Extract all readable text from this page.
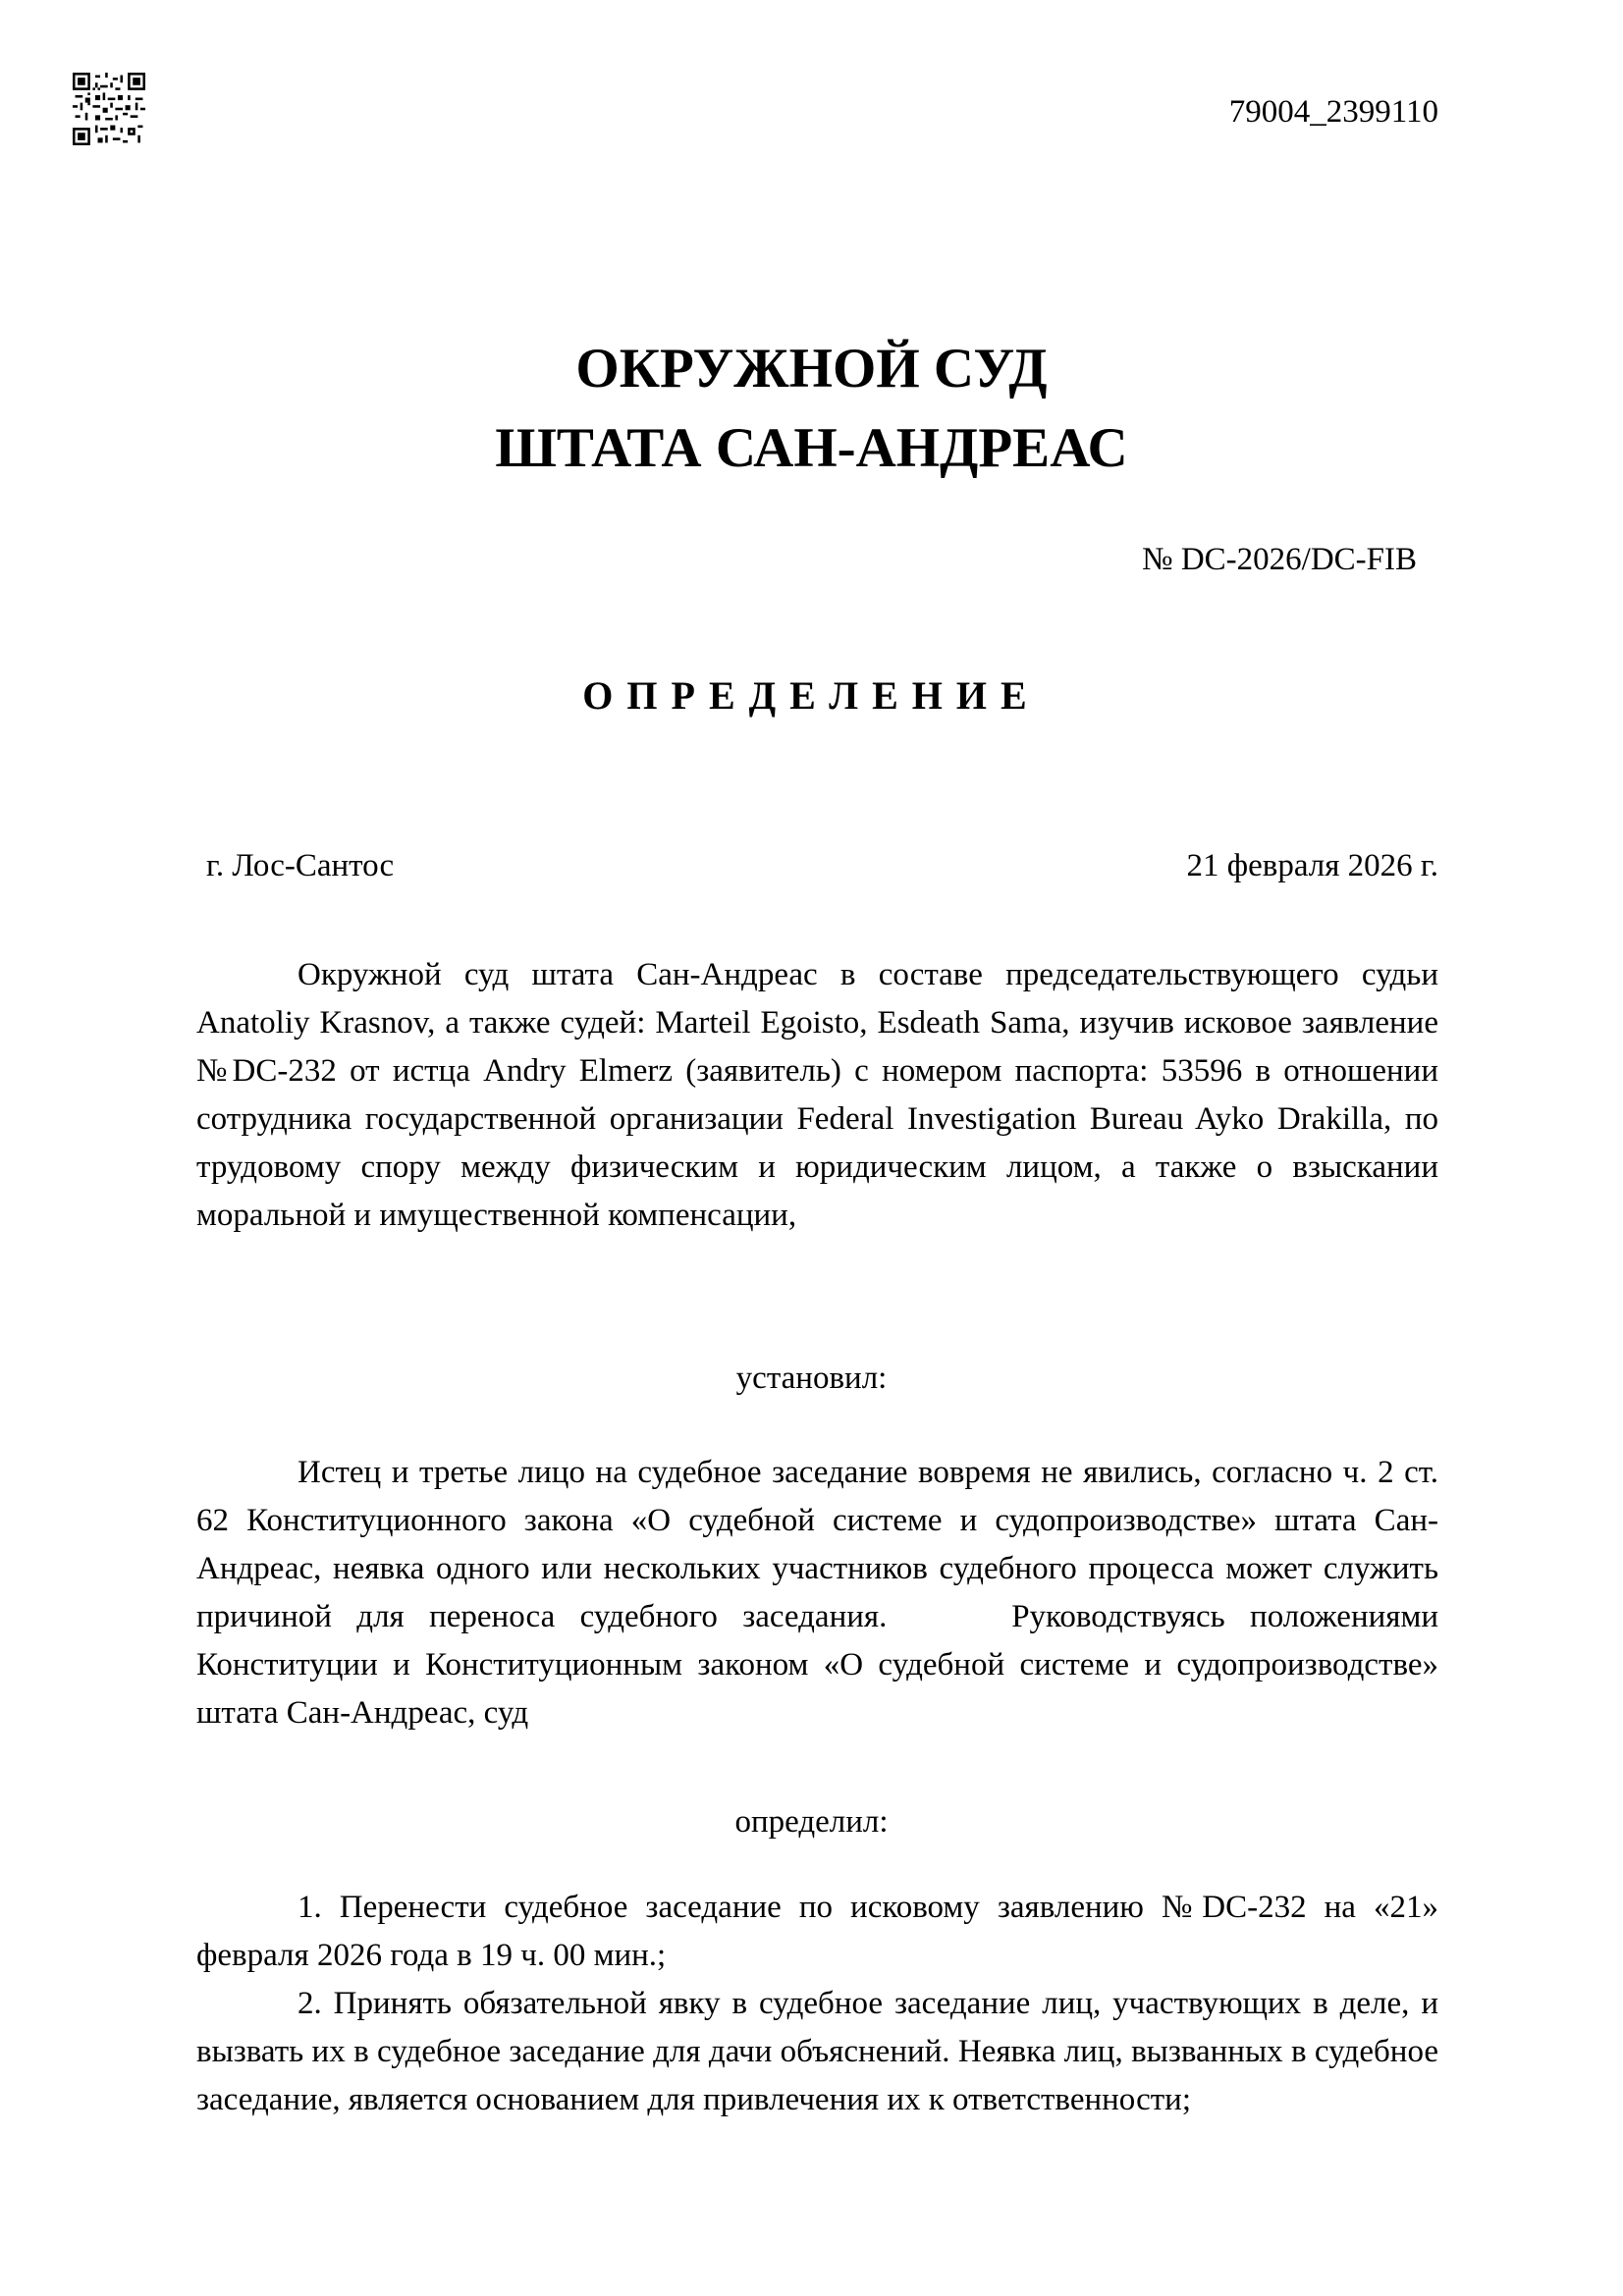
79004_2399110
ОКРУЖНОЙ СУД
ШТАТА САН-АНДРЕАС
№ DC-2026/DC-FIB
ОПРЕДЕЛЕНИЕ
г. Лос-Сантос	21 февраля 2026 г.
Окружной суд штата Сан-Андреас в составе председательствующего судьи Anatoliy Krasnov, а также судей: Marteil Egoisto, Esdeath Sama, изучив исковое заявление №DC-232 от истца Andry Elmerz (заявитель) с номером паспорта: 53596 в отношении сотрудника государственной организации Federal Investigation Bureau Ayko Drakilla, по трудовому спору между физическим и юридическим лицом, а также о взыскании моральной и имущественной компенсации,
установил:
Истец и третье лицо на судебное заседание вовремя не явились, согласно ч. 2 ст. 62 Конституционного закона «О судебной системе и судопроизводстве» штата Сан-Андреас, неявка одного или нескольких участников судебного процесса может служить причиной для переноса судебного заседания.     Руководствуясь положениями Конституции и Конституционным законом «О судебной системе и судопроизводстве» штата Сан-Андреас, суд
определил:
1. Перенести судебное заседание по исковому заявлению №DC-232 на «21» февраля 2026 года в 19 ч. 00 мин.;
2. Принять обязательной явку в судебное заседание лиц, участвующих в деле, и вызвать их в судебное заседание для дачи объяснений. Неявка лиц, вызванных в судебное заседание, является основанием для привлечения их к ответственности;
